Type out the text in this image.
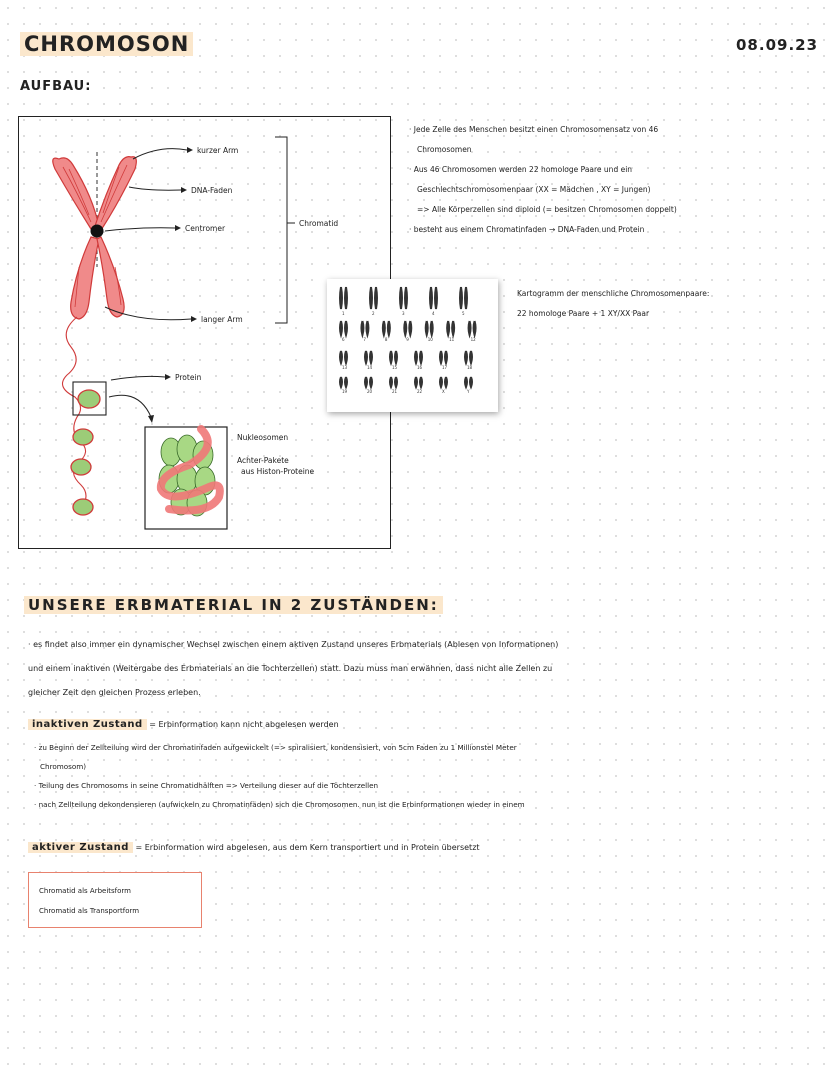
CHROMOSON	08.09.23
AUFBAU:
kurzer Arm
DNA-Faden
Centromer
Chromatid
langer Arm
Protein
Nukleosomen
Achter-Pakete
aus Histon-Proteine
· Jede Zelle des Menschen besitzt einen Chromosomensatz von 46
Chromosomen
· Aus 46 Chromosomen werden 22 homologe Paare und ein
Geschlechtschromosomenpaar (XX = Mädchen , XY = Jungen)
=> Alle Körperzellen sind diploid (= besitzen Chromosomen doppelt)
· besteht aus einem Chromatinfaden → DNA-Faden und Protein
1	2	3	4	5
6	7	8	9	10	11	12
13	14	15	16	17	18
19	20	21	22	X	Y
Kartogramm der menschliche Chromosomenpaare:
22 homologe Paare + 1 XY/XX Paar
UNSERE ERBMATERIAL IN 2 ZUSTÄNDEN:
· es findet also immer ein dynamischer Wechsel zwischen einem aktiven Zustand unseres Erbmaterials (Ablesen von Informationen)
und einem inaktiven (Weitergabe des Erbmaterials an die Tochterzellen) statt. Dazu muss man erwähnen, dass nicht alle Zellen zu
gleicher Zeit den gleichen Prozess erleben.
inaktiven Zustand = Erbinformation kann nicht abgelesen werden
· zu Beginn der Zellteilung wird der Chromatinfaden aufgewickelt (=> spiralisiert, kondensisiert, von 5cm Faden zu 1 Millionstel Meter
Chromosom)
· Teilung des Chromosoms in seine Chromatidhälften => Verteilung dieser auf die Töchterzellen
· nach Zellteilung dekondensieren (aufwickeln zu Chromatinfäden) sich die Chromosomen. nun ist die Erbinformationen wieder in einem
aktiver Zustand = Erbinformation wird abgelesen, aus dem Kern transportiert und in Protein übersetzt
Chromatid als Arbeitsform
Chromatid als Transportform
